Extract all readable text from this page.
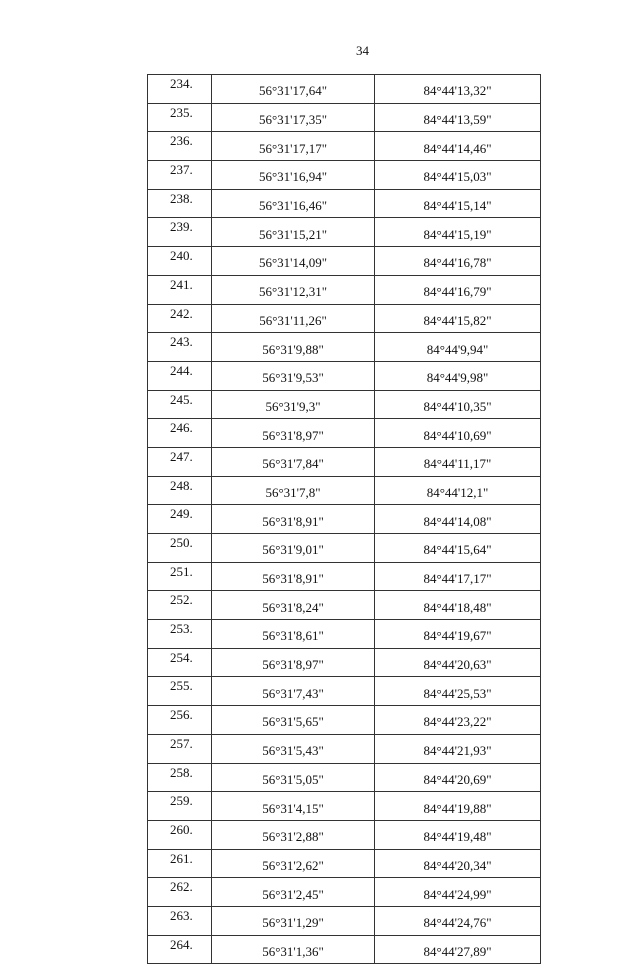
34
234.	56°31'17,64"	84°44'13,32"
235.	56°31'17,35"	84°44'13,59"
236.	56°31'17,17"	84°44'14,46"
237.	56°31'16,94"	84°44'15,03"
238.	56°31'16,46"	84°44'15,14"
239.	56°31'15,21"	84°44'15,19"
240.	56°31'14,09"	84°44'16,78"
241.	56°31'12,31"	84°44'16,79"
242.	56°31'11,26"	84°44'15,82"
243.	56°31'9,88"	84°44'9,94"
244.	56°31'9,53"	84°44'9,98"
245.	56°31'9,3"	84°44'10,35"
246.	56°31'8,97"	84°44'10,69"
247.	56°31'7,84"	84°44'11,17"
248.	56°31'7,8"	84°44'12,1"
249.	56°31'8,91"	84°44'14,08"
250.	56°31'9,01"	84°44'15,64"
251.	56°31'8,91"	84°44'17,17"
252.	56°31'8,24"	84°44'18,48"
253.	56°31'8,61"	84°44'19,67"
254.	56°31'8,97"	84°44'20,63"
255.	56°31'7,43"	84°44'25,53"
256.	56°31'5,65"	84°44'23,22"
257.	56°31'5,43"	84°44'21,93"
258.	56°31'5,05"	84°44'20,69"
259.	56°31'4,15"	84°44'19,88"
260.	56°31'2,88"	84°44'19,48"
261.	56°31'2,62"	84°44'20,34"
262.	56°31'2,45"	84°44'24,99"
263.	56°31'1,29"	84°44'24,76"
264.	56°31'1,36"	84°44'27,89"
